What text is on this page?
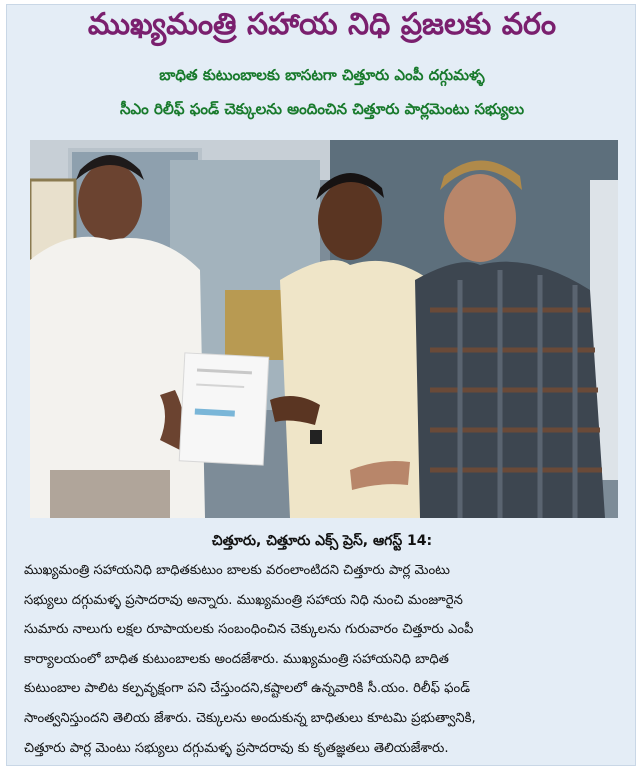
ముఖ్యమంత్రి సహాయ నిధి ప్రజలకు వరం
బాధిత కుటుంబాలకు బాసటగా చిత్తూరు ఎంపీ దగ్గుమళ్ళ
సీఎం రిలీఫ్ ఫండ్ చెక్కులను అందించిన చిత్తూరు పార్లమెంటు సభ్యులు
చిత్తూరు, చిత్తూరు ఎక్స్ ప్రెస్, ఆగస్ట్ 14:
ముఖ్యమంత్రి సహాయనిధి బాధితకుటుం బాలకు వరంలాంటిదని చిత్తూరు పార్ల మెంటు
సభ్యులు దగ్గుమళ్ళ ప్రసాదరావు అన్నారు. ముఖ్యమంత్రి సహాయ నిధి నుంచి మంజూరైన
సుమారు నాలుగు లక్షల రూపాయలకు సంబంధించిన చెక్కులను గురువారం చిత్తూరు ఎంపీ
కార్యాలయంలో బాధిత కుటుంబాలకు అందజేశారు. ముఖ్యమంత్రి సహాయనిధి బాధిత
కుటుంబాల పాలిట కల్పవృక్షంగా పని చేస్తుందని,కష్టాలలో ఉన్నవారికి సీ.యం. రిలీఫ్ ఫండ్
సాంత్వనిస్తుందని తెలియ జేశారు. చెక్కులను అందుకున్న బాధితులు కూటమి ప్రభుత్వానికి,
చిత్తూరు పార్ల మెంటు సభ్యులు దగ్గుమళ్ళ ప్రసాదరావు కు కృతజ్ఞతలు తెలియజేశారు.
